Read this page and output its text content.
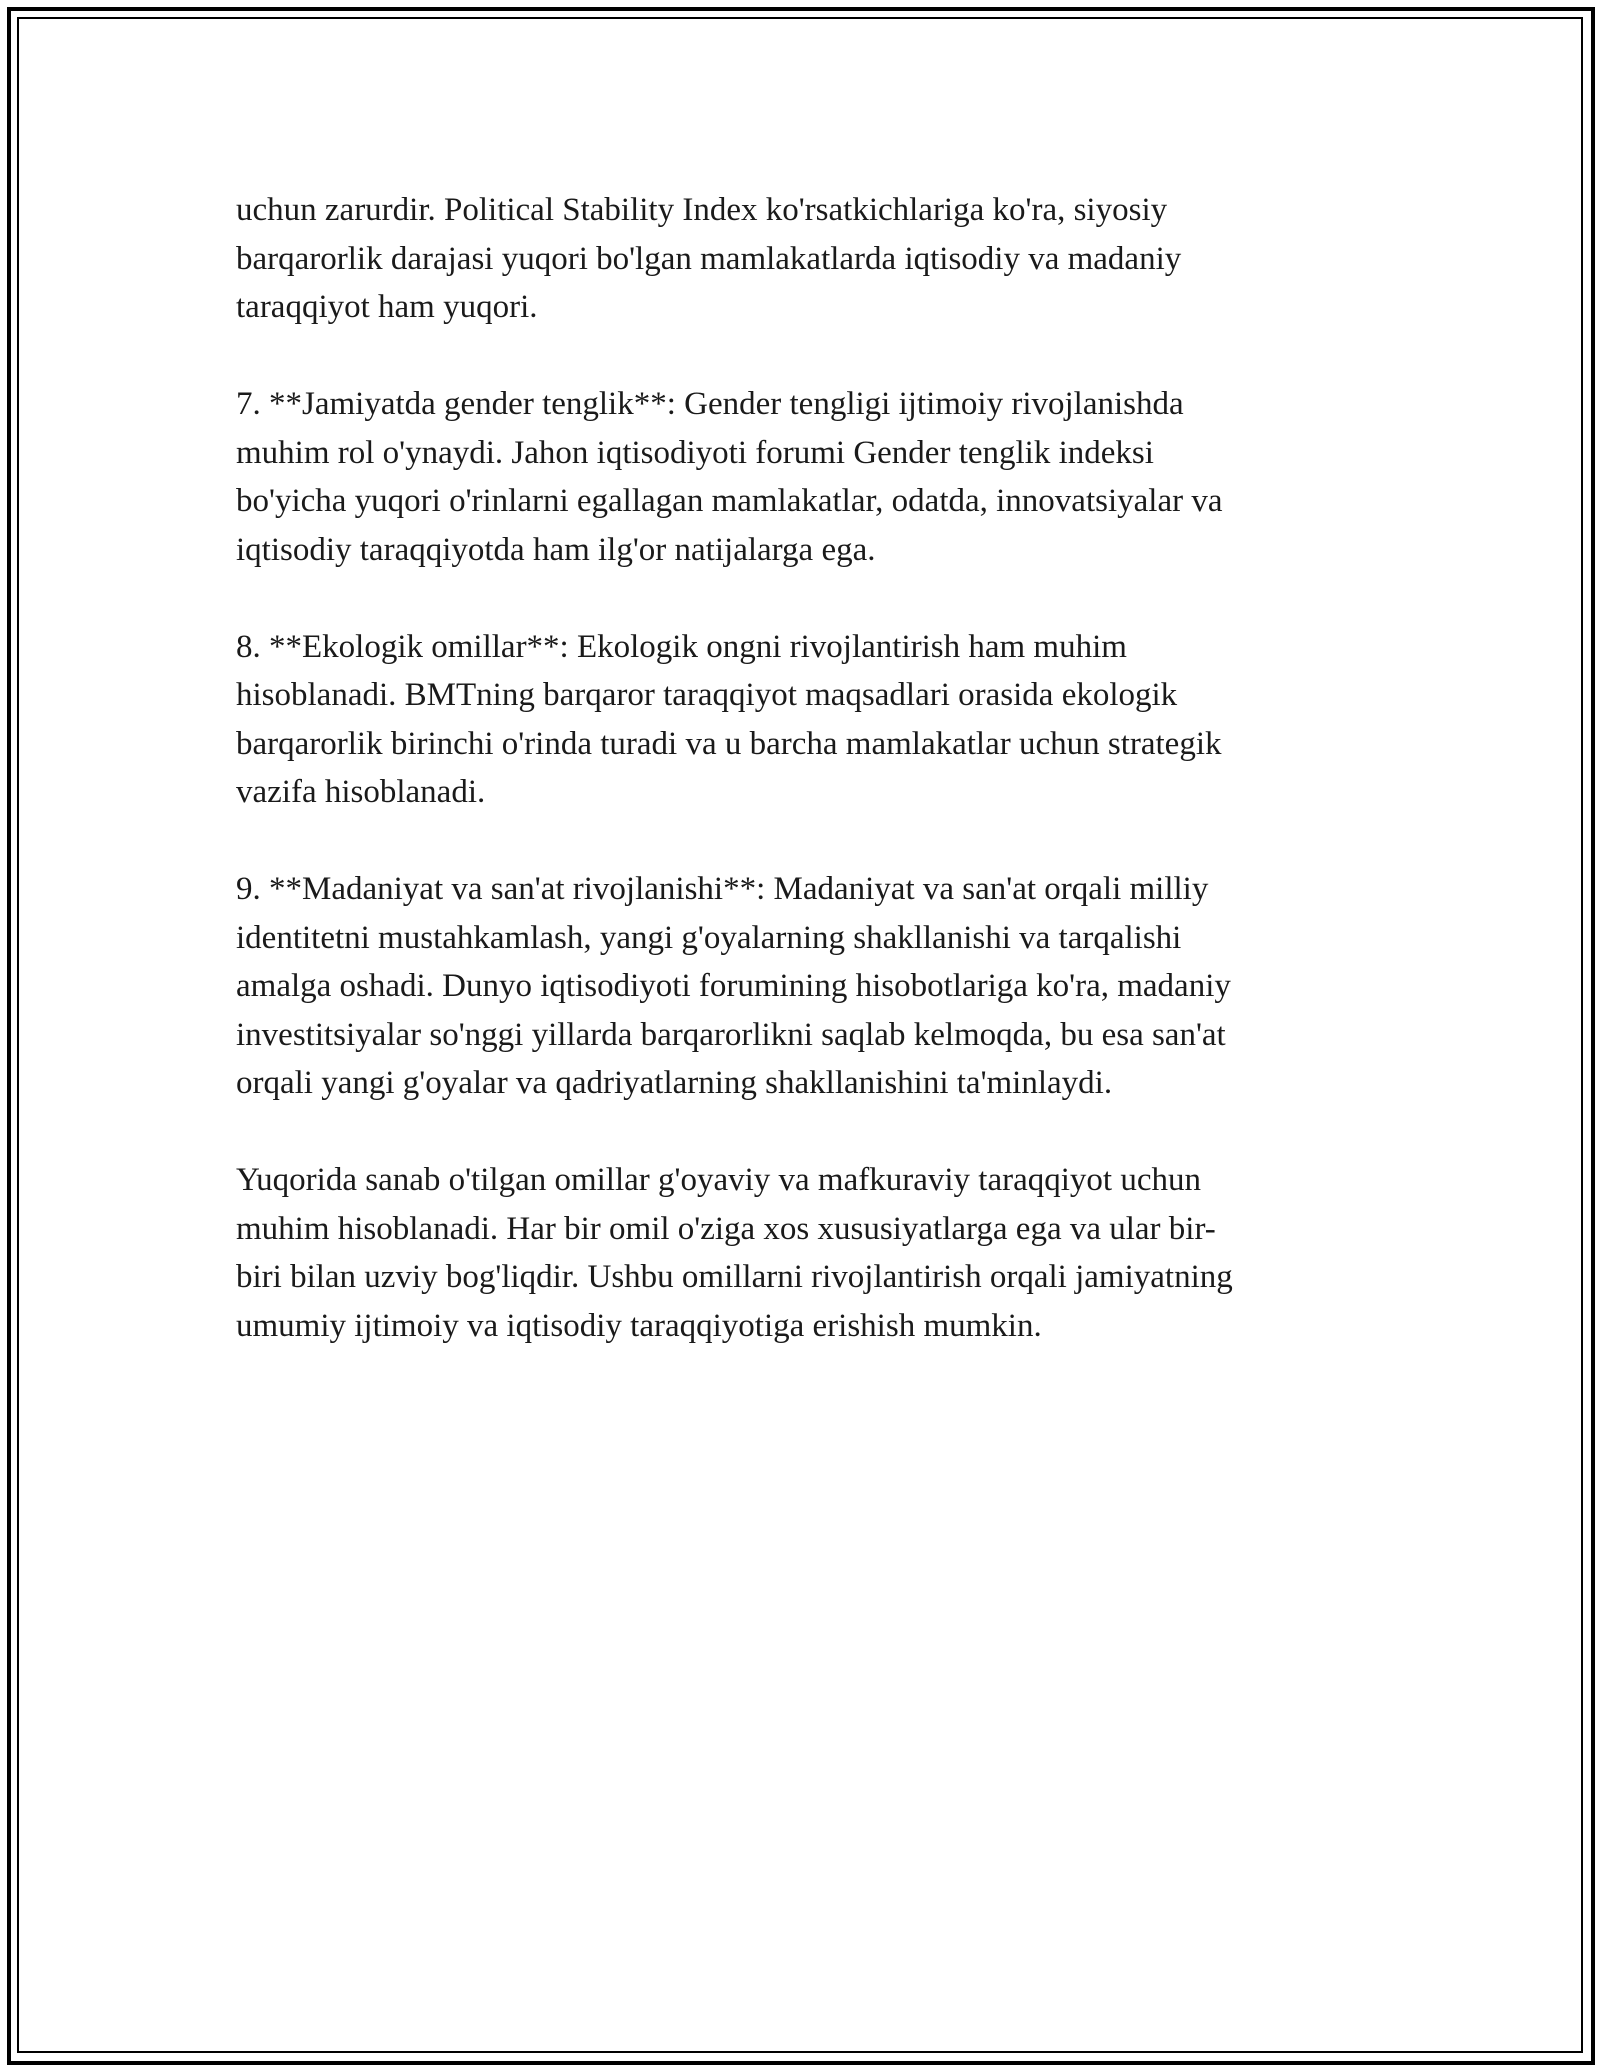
uchun zarurdir. Political Stability Index ko'rsatkichlariga ko'ra, siyosiy
barqarorlik darajasi yuqori bo'lgan mamlakatlarda iqtisodiy va madaniy
taraqqiyot ham yuqori.

7. **Jamiyatda gender tenglik**: Gender tengligi ijtimoiy rivojlanishda
muhim rol o'ynaydi. Jahon iqtisodiyoti forumi Gender tenglik indeksi
bo'yicha yuqori o'rinlarni egallagan mamlakatlar, odatda, innovatsiyalar va
iqtisodiy taraqqiyotda ham ilg'or natijalarga ega.

8. **Ekologik omillar**: Ekologik ongni rivojlantirish ham muhim
hisoblanadi. BMTning barqaror taraqqiyot maqsadlari orasida ekologik
barqarorlik birinchi o'rinda turadi va u barcha mamlakatlar uchun strategik
vazifa hisoblanadi.

9. **Madaniyat va san'at rivojlanishi**: Madaniyat va san'at orqali milliy
identitetni mustahkamlash, yangi g'oyalarning shakllanishi va tarqalishi
amalga oshadi. Dunyo iqtisodiyoti forumining hisobotlariga ko'ra, madaniy
investitsiyalar so'nggi yillarda barqarorlikni saqlab kelmoqda, bu esa san'at
orqali yangi g'oyalar va qadriyatlarning shakllanishini ta'minlaydi.

Yuqorida sanab o'tilgan omillar g'oyaviy va mafkuraviy taraqqiyot uchun
muhim hisoblanadi. Har bir omil o'ziga xos xususiyatlarga ega va ular bir-
biri bilan uzviy bog'liqdir. Ushbu omillarni rivojlantirish orqali jamiyatning
umumiy ijtimoiy va iqtisodiy taraqqiyotiga erishish mumkin.
